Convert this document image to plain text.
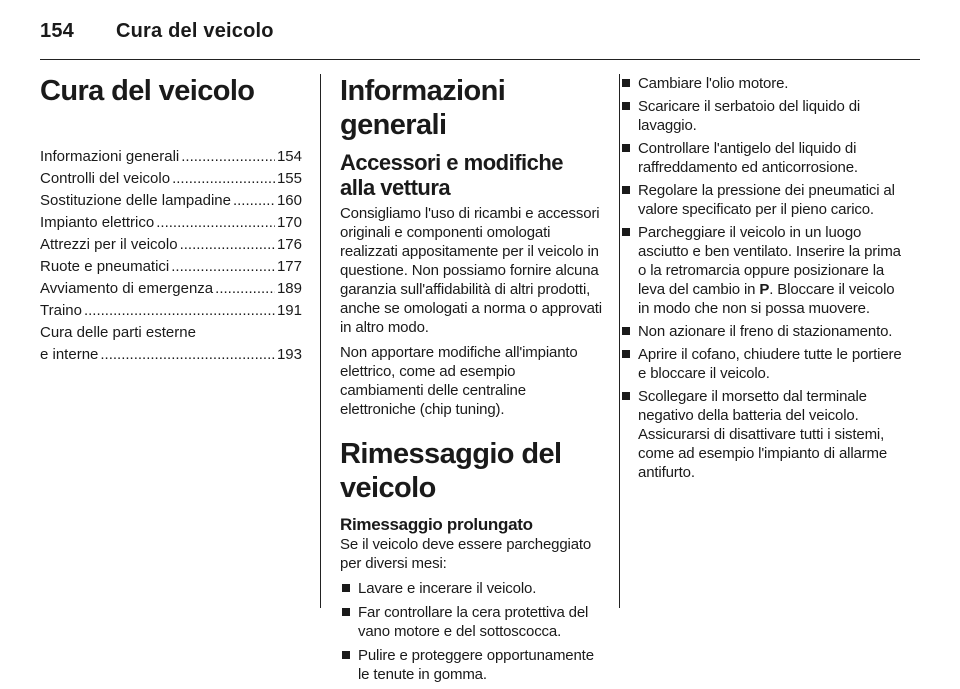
154 Cura del veicolo
Cura del veicolo
Informazioni generali .....	154
Controlli del veicolo .....	155
Sostituzione delle lampadine .....	160
Impianto elettrico .....	170
Attrezzi per il veicolo .....	176
Ruote e pneumatici .....	177
Avviamento di emergenza .....	189
Traino .....	191
Cura delle parti esterne
e interne .....	193
Informazioni generali
Accessori e modifiche alla vettura

Consigliamo l'uso di ricambi e accessori originali e componenti omologati realizzati appositamente per il veicolo in questione. Non possiamo fornire alcuna garanzia sull'affidabilità di altri prodotti, anche se omologati a norma o approvati in altro modo.

Non apportare modifiche all'impianto elettrico, come ad esempio cambiamenti delle centraline elettroniche (chip tuning).

Rimessaggio del veicolo
Rimessaggio prolungato

Se il veicolo deve essere parcheggiato per diversi mesi:

Lavare e incerare il veicolo.
Far controllare la cera protettiva del vano motore e del sottoscocca.
Pulire e proteggere opportunamente le tenute in gomma.
Cambiare l'olio motore.
Scaricare il serbatoio del liquido di lavaggio.
Controllare l'antigelo del liquido di raffreddamento ed anticorrosione.
Regolare la pressione dei pneumatici al valore specificato per il pieno carico.
Parcheggiare il veicolo in un luogo asciutto e ben ventilato. Inserire la prima o la retromarcia oppure posizionare la leva del cambio in P. Bloccare il veicolo in modo che non si possa muovere.
Non azionare il freno di stazionamento.
Aprire il cofano, chiudere tutte le portiere e bloccare il veicolo.
Scollegare il morsetto dal terminale negativo della batteria del veicolo. Assicurarsi di disattivare tutti i sistemi, come ad esempio l'impianto di allarme antifurto.
